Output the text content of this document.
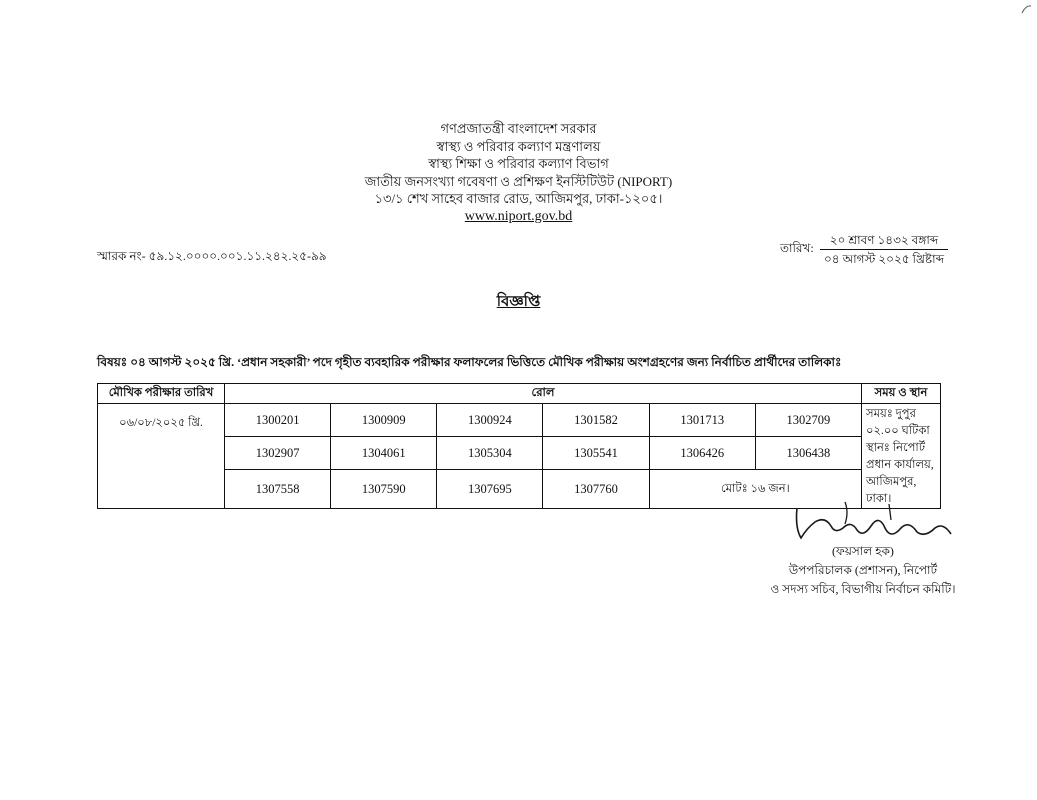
গণপ্রজাতন্ত্রী বাংলাদেশ সরকার
স্বাস্থ্য ও পরিবার কল্যাণ মন্ত্রণালয়
স্বাস্থ্য শিক্ষা ও পরিবার কল্যাণ বিভাগ
জাতীয় জনসংখ্যা গবেষণা ও প্রশিক্ষণ ইনস্টিটিউট (NIPORT)
১৩/১ শেখ সাহেব বাজার রোড, আজিমপুর, ঢাকা-১২০৫।
www.niport.gov.bd
স্মারক নং- ৫৯.১২.০০০০.০০১.১১.২৪২.২৫-৯৯
তারিখ:
২০ শ্রাবণ ১৪৩২ বঙ্গাব্দ
০৪ আগস্ট ২০২৫ খ্রিষ্টাব্দ
বিজ্ঞপ্তি
বিষয়ঃ ০৪ আগস্ট ২০২৫ খ্রি. ‘প্রধান সহকারী’ পদে গৃহীত ব্যবহারিক পরীক্ষার ফলাফলের ভিত্তিতে মৌখিক পরীক্ষায় অংশগ্রহণের জন্য নির্বাচিত প্রার্থীদের তালিকাঃ
মৌখিক পরীক্ষার তারিখ	রোল						সময় ও স্থান
০৬/০৮/২০২৫ খ্রি.	1300201	1300909	1300924	1301582	1301713	1302709	সময়ঃ দুপুর ০২.০০ ঘটিকা
স্থানঃ নিপোর্ট প্রধান কার্যালয়,
আজিমপুর, ঢাকা।

	1302907	1304061	1305304	1305541	1306426	1306438	
	1307558	1307590	1307695	1307760	মোটঃ ১৬ জন।		
(ফয়সাল হক)
উপপরিচালক (প্রশাসন), নিপোর্ট
ও সদস্য সচিব, বিভাগীয় নির্বাচন কমিটি।
